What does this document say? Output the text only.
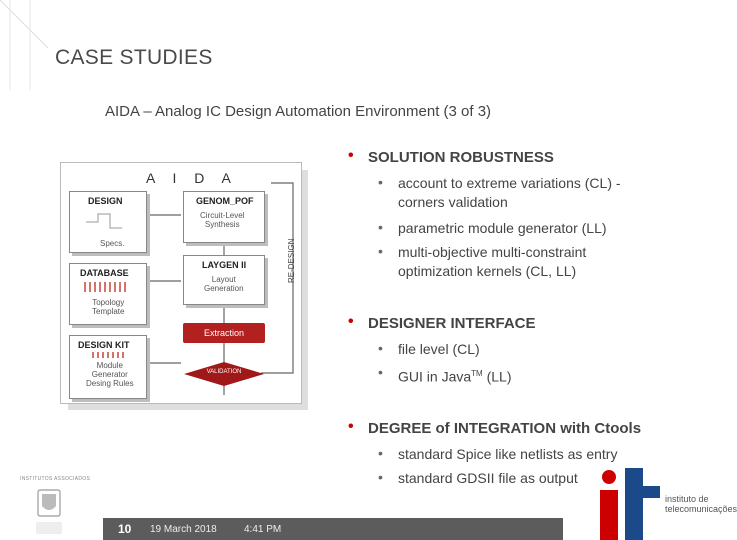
CASE STUDIES
AIDA – Analog IC Design Automation Environment (3 of 3)
A I D A
DESIGN
Specs.
DATABASE
Topology
Template
DESIGN KIT
Module
Generator
Desing Rules
GENOM_POF
Circuit-Level
Synthesis
LAYGEN II
Layout
Generation
Extraction
VALIDATION
RE-DESIGN
• SOLUTION ROBUSTNESS
• account to extreme variations (CL) -
corners validation
• parametric module generator (LL)
• multi-objective multi-constraint
optimization kernels (CL, LL)
• DESIGNER INTERFACE
• file level (CL)
• GUI in Java™ (LL)
• DEGREE of INTEGRATION with Ctools
• standard Spice like netlists as entry
• standard GDSII file as output
10 19 March 2018	4:41 PM
INSTITUTOS ASSOCIADOS
instituto de
telecomunicações
